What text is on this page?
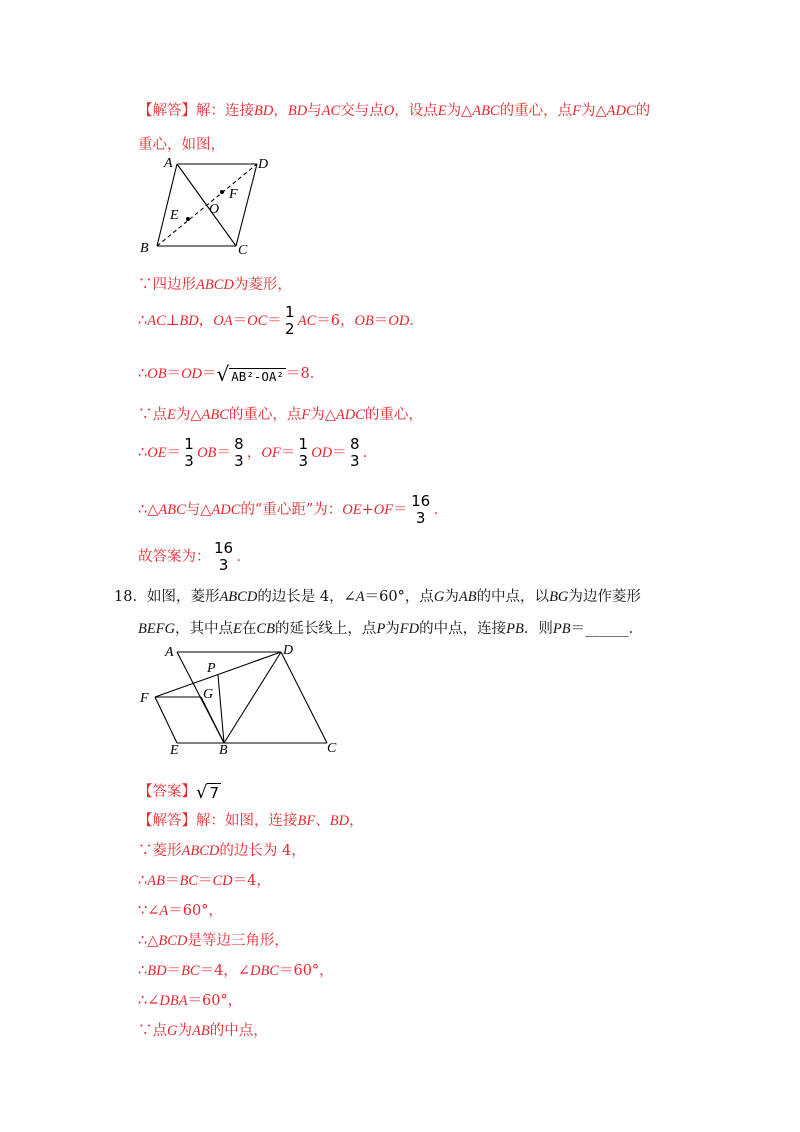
【解答】解：连接BD，BD与AC交与点O，设点E为△ABC的重心，点F为△ADC的
重心，如图，
A	D
B	C
E
F
O
∵四边形ABCD为菱形，
∴AC⊥BD，OA＝OC＝ 1
2 AC＝6，OB＝OD．
∴OB＝OD＝√ AB²-OA² ＝8．
∵点E为△ABC的重心，点F为△ADC的重心，
∴OE＝ 1
3 OB＝ 8
3 ，OF＝ 1
3 OD＝ 8
3 ．
∴△ABC与△ADC的“重心距”为：OE+OF＝ 16
3 ．
故答案为： 16
3 ．
18．如图，菱形ABCD的边长是 4，∠A＝60°，点G为AB的中点，以BG为边作菱形
BEFG，其中点E在CB的延长线上，点P为FD的中点，连接PB．则PB＝______．
A	D
P
G
F
E	B	C
【答案】√ 7
【解答】解：如图，连接BF、BD，
∵菱形ABCD的边长为 4，
∴AB＝BC＝CD＝4，
∵∠A＝60°，
∴△BCD是等边三角形，
∴BD＝BC＝4，∠DBC＝60°，
∴∠DBA＝60°，
∵点G为AB的中点，
